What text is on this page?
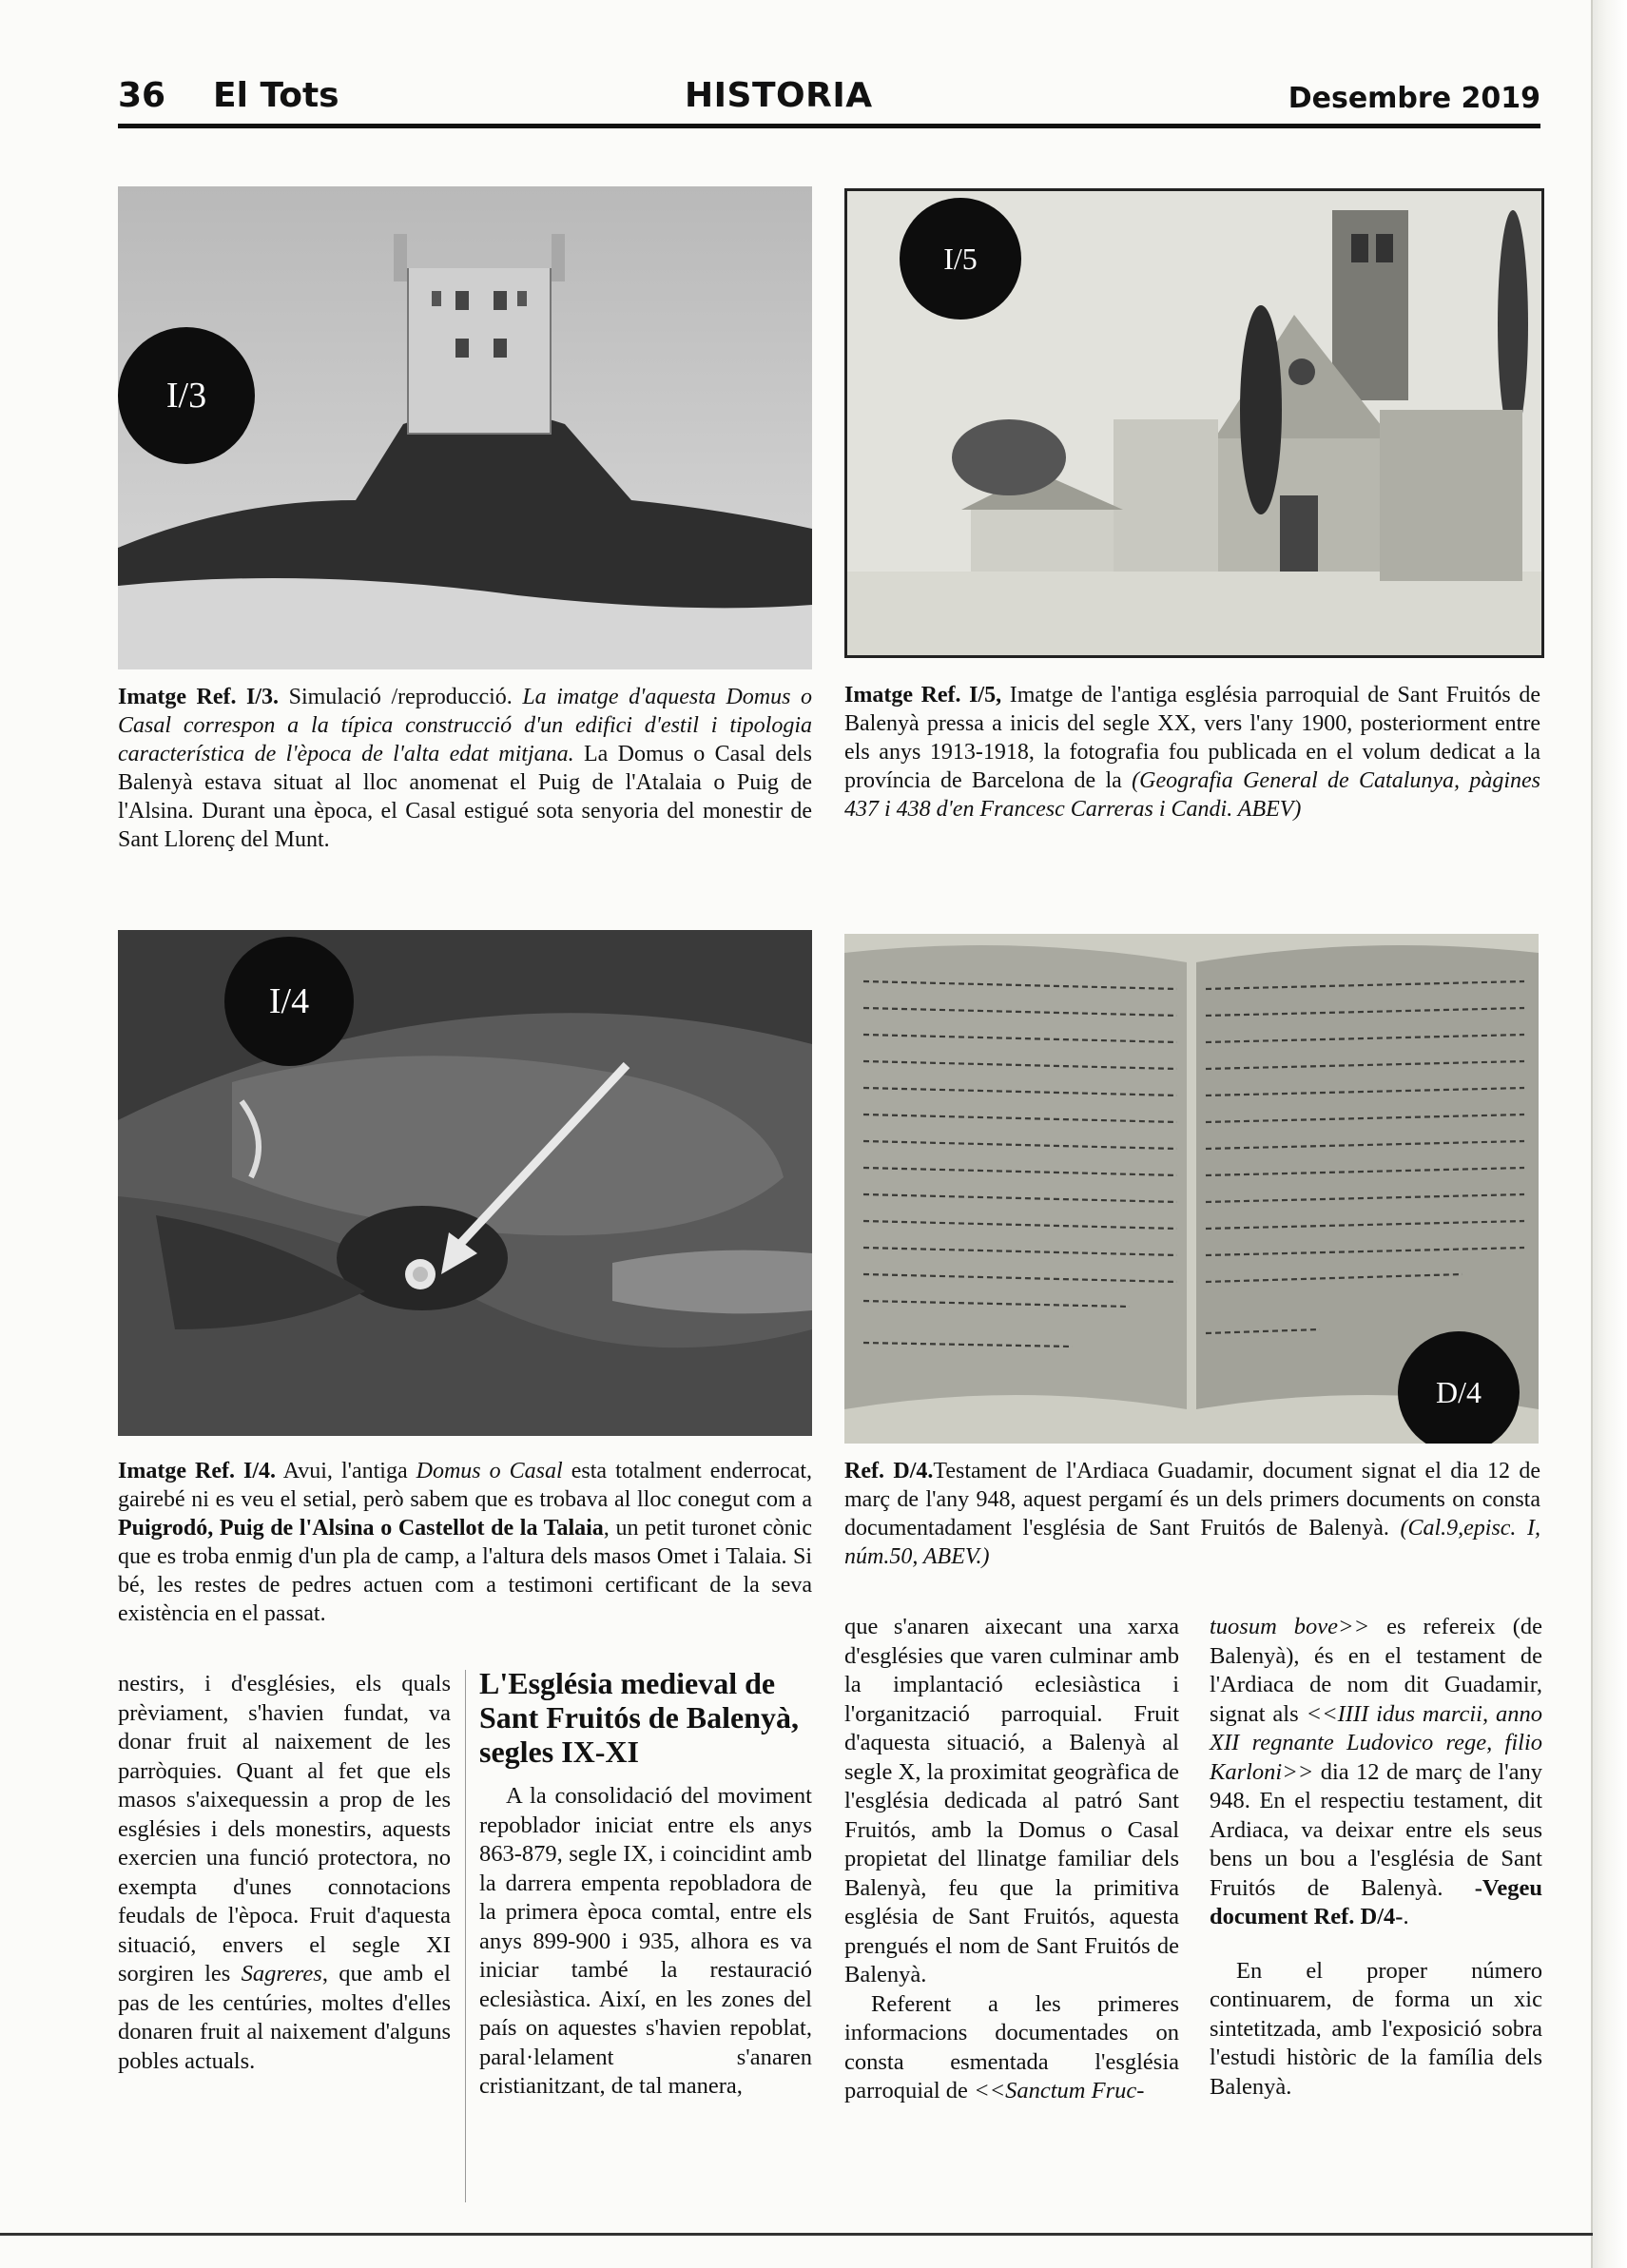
36 El Tots	HISTORIA	Desembre 2019
I/3
I/5
Imatge Ref. I/3. Simulació /reproducció. La imatge d'aquesta Domus o Casal correspon a la típica construcció d'un edifici d'estil i tipologia característica de l'època de l'alta edat mitjana. La Domus o Casal dels Balenyà estava situat al lloc anomenat el Puig de l'Atalaia o Puig de l'Alsina. Durant una època, el Casal estigué sota senyoria del monestir de Sant Llorenç del Munt.
Imatge Ref. I/5, Imatge de l'antiga església parroquial de Sant Fruitós de Balenyà pressa a inicis del segle XX, vers l'any 1900, posteriorment entre els anys 1913-1918, la fotografia fou publicada en el volum dedicat a la província de Barcelona de la (Geografia General de Catalunya, pàgines 437 i 438 d'en Francesc Carreras i Candi. ABEV)
I/4
D/4
Imatge Ref. I/4. Avui, l'antiga Domus o Casal esta totalment enderrocat, gairebé ni es veu el setial, però sabem que es trobava al lloc conegut com a Puigrodó, Puig de l'Alsina o Castellot de la Talaia, un petit turonet cònic que es troba enmig d'un pla de camp, a l'altura dels masos Omet i Talaia. Si bé, les restes de pedres actuen com a testimoni certificant de la seva existència en el passat.
Ref. D/4.Testament de l'Ardiaca Guadamir, document signat el dia 12 de març de l'any 948, aquest pergamí és un dels primers documents on consta documentadament l'església de Sant Fruitós de Balenyà. (Cal.9,episc. I, núm.50, ABEV.)

nestirs, i d'esglésies, els quals prèviament, s'havien fundat, va donar fruit al naixement de les parròquies. Quant al fet que els masos s'aixequessin a prop de les esglésies i dels monestirs, aquests exercien una funció protectora, no exempta d'unes connotacions feudals de l'època. Fruit d'aquesta situació, envers el segle XI sorgiren les Sagreres, que amb el pas de les centúries, moltes d'elles donaren fruit al naixement d'alguns pobles actuals.

L'Església medieval de Sant Fruitós de Balenyà, segles IX-XI

A la consolidació del moviment repoblador iniciat entre els anys 863-879, segle IX, i coincidint amb la darrera empenta repobladora de la primera època comtal, entre els anys 899-900 i 935, alhora es va iniciar també la restauració eclesiàstica. Així, en les zones del país on aquestes s'havien repoblat, paral·lelament s'anaren cristianitzant, de tal manera,

que s'anaren aixecant una xarxa d'esglésies que varen culminar amb la implantació eclesiàstica i l'organització parroquial. Fruit d'aquesta situació, a Balenyà al segle X, la proximitat geogràfica de l'església dedicada al patró Sant Fruitós, amb la Domus o Casal propietat del llinatge familiar dels Balenyà, feu que la primitiva església de Sant Fruitós, aquesta prengués el nom de Sant Fruitós de Balenyà.

Referent a les primeres informacions documentades on consta esmentada l'església parroquial de <<Sanctum Fruc-

tuosum bove>> es refereix (de Balenyà), és en el testament de l'Ardiaca de nom dit Guadamir, signat als <<IIII idus marcii, anno XII regnante Ludovico rege, filio Karloni>> dia 12 de març de l'any 948. En el respectiu testament, dit Ardiaca, va deixar entre els seus bens un bou a l'església de Sant Fruitós de Balenyà. -Vegeu document Ref. D/4-.

En el proper número continuarem, de forma un xic sintetitzada, amb l'exposició sobra l'estudi històric de la família dels Balenyà.
